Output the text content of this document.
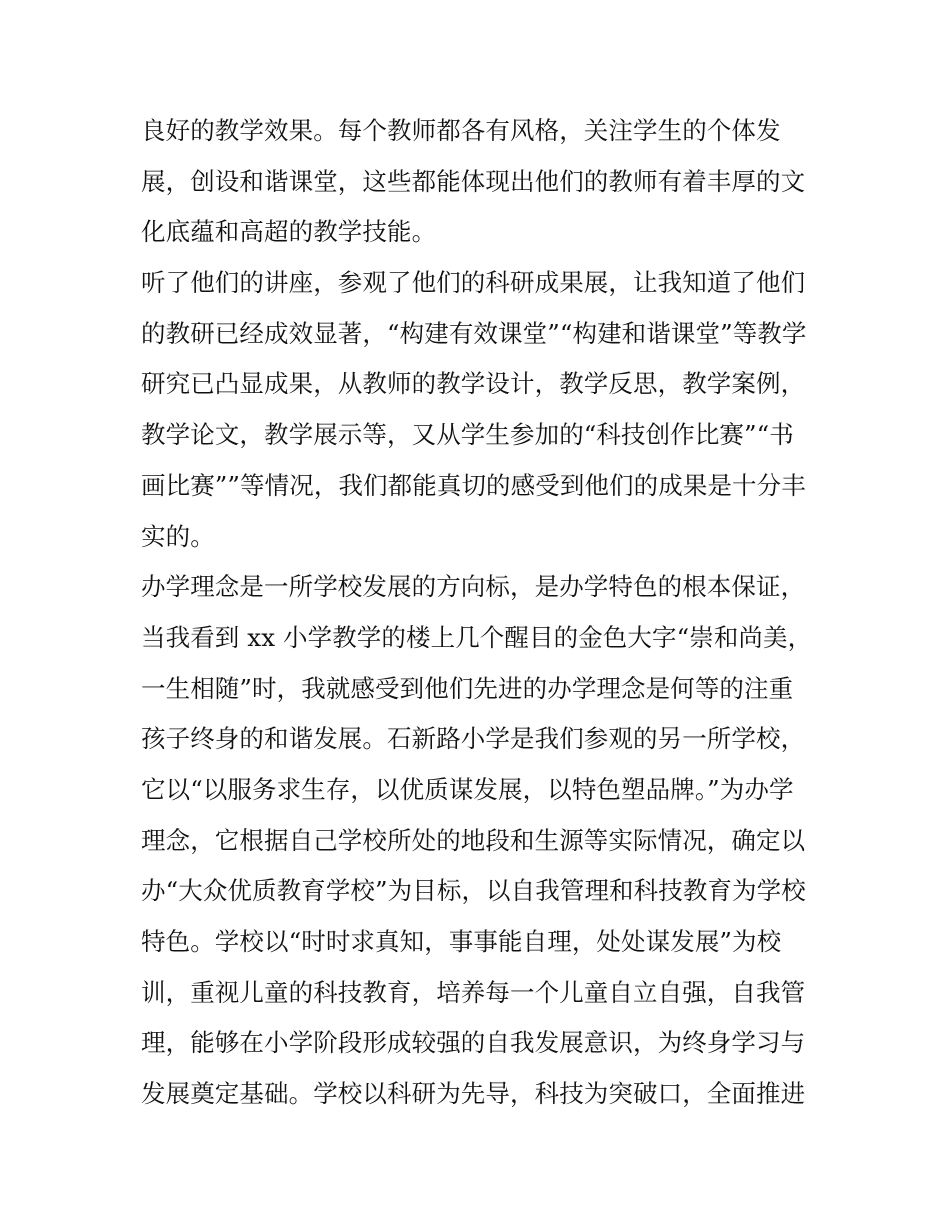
良好的教学效果。每个教师都各有风格，关注学生的个体发
展，创设和谐课堂，这些都能体现出他们的教师有着丰厚的文
化底蕴和高超的教学技能。
听了他们的讲座，参观了他们的科研成果展，让我知道了他们
的教研已经成效显著，“构建有效课堂”“构建和谐课堂”等教学
研究已凸显成果，从教师的教学设计，教学反思，教学案例，
教学论文，教学展示等，又从学生参加的“科技创作比赛”“书
画比赛””等情况，我们都能真切的感受到他们的成果是十分丰
实的。
办学理念是一所学校发展的方向标，是办学特色的根本保证，
当我看到 xx 小学教学的楼上几个醒目的金色大字“崇和尚美，
一生相随”时，我就感受到他们先进的办学理念是何等的注重
孩子终身的和谐发展。石新路小学是我们参观的另一所学校，
它以“以服务求生存，以优质谋发展，以特色塑品牌。”为办学
理念，它根据自己学校所处的地段和生源等实际情况，确定以
办“大众优质教育学校”为目标，以自我管理和科技教育为学校
特色。学校以“时时求真知，事事能自理，处处谋发展”为校
训，重视儿童的科技教育，培养每一个儿童自立自强，自我管
理，能够在小学阶段形成较强的自我发展意识，为终身学习与
发展奠定基础。学校以科研为先导，科技为突破口，全面推进
